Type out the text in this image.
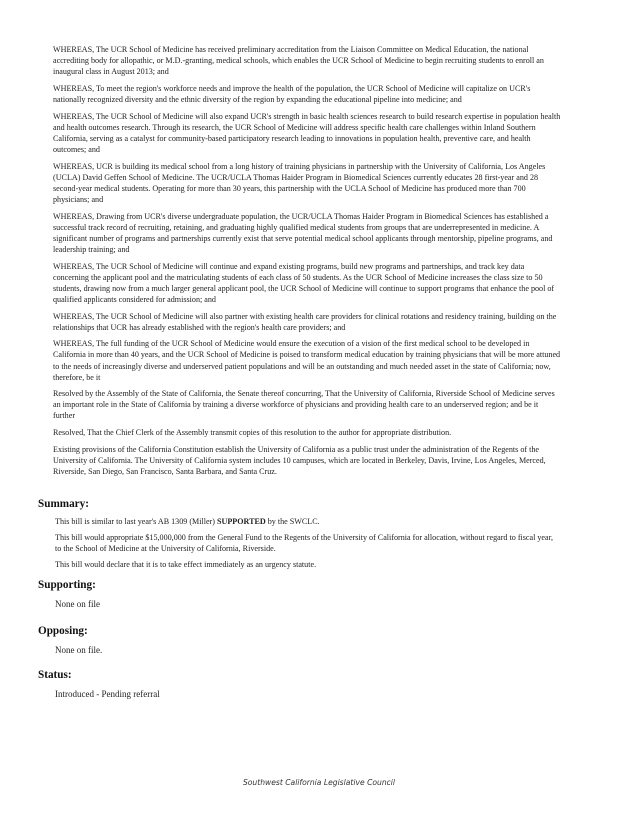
WHEREAS, The UCR School of Medicine has received preliminary accreditation from the Liaison Committee on Medical Education, the national accrediting body for allopathic, or M.D.-granting, medical schools, which enables the UCR School of Medicine to begin recruiting students to enroll an inaugural class in August 2013; and

WHEREAS, To meet the region's workforce needs and improve the health of the population, the UCR School of Medicine will capitalize on UCR's nationally recognized diversity and the ethnic diversity of the region by expanding the educational pipeline into medicine; and

WHEREAS, The UCR School of Medicine will also expand UCR's strength in basic health sciences research to build research expertise in population health and health outcomes research. Through its research, the UCR School of Medicine will address specific health care challenges within Inland Southern California, serving as a catalyst for community-based participatory research leading to innovations in population health, preventive care, and health outcomes; and

WHEREAS, UCR is building its medical school from a long history of training physicians in partnership with the University of California, Los Angeles (UCLA) David Geffen School of Medicine. The UCR/UCLA Thomas Haider Program in Biomedical Sciences currently educates 28 first-year and 28 second-year medical students. Operating for more than 30 years, this partnership with the UCLA School of Medicine has produced more than 700 physicians; and

WHEREAS, Drawing from UCR's diverse undergraduate population, the UCR/UCLA Thomas Haider Program in Biomedical Sciences has established a successful track record of recruiting, retaining, and graduating highly qualified medical students from groups that are underrepresented in medicine. A significant number of programs and partnerships currently exist that serve potential medical school applicants through mentorship, pipeline programs, and leadership training; and

WHEREAS, The UCR School of Medicine will continue and expand existing programs, build new programs and partnerships, and track key data concerning the applicant pool and the matriculating students of each class of 50 students. As the UCR School of Medicine increases the class size to 50 students, drawing now from a much larger general applicant pool, the UCR School of Medicine will continue to support programs that enhance the pool of qualified applicants considered for admission; and

WHEREAS, The UCR School of Medicine will also partner with existing health care providers for clinical rotations and residency training, building on the relationships that UCR has already established with the region's health care providers; and

WHEREAS, The full funding of the UCR School of Medicine would ensure the execution of a vision of the first medical school to be developed in California in more than 40 years, and the UCR School of Medicine is poised to transform medical education by training physicians that will be more attuned to the needs of increasingly diverse and underserved patient populations and will be an outstanding and much needed asset in the state of California; now, therefore, be it

Resolved by the Assembly of the State of California, the Senate thereof concurring, That the University of California, Riverside School of Medicine serves an important role in the State of California by training a diverse workforce of physicians and providing health care to an underserved region; and be it further

Resolved, That the Chief Clerk of the Assembly transmit copies of this resolution to the author for appropriate distribution.

Existing provisions of the California Constitution establish the University of California as a public trust under the administration of the Regents of the University of California. The University of California system includes 10 campuses, which are located in Berkeley, Davis, Irvine, Los Angeles, Merced, Riverside, San Diego, San Francisco, Santa Barbara, and Santa Cruz.

Summary:

This bill is similar to last year's AB 1309 (Miller) SUPPORTED by the SWCLC.

This bill would appropriate $15,000,000 from the General Fund to the Regents of the University of California for allocation, without regard to fiscal year, to the School of Medicine at the University of California, Riverside.

This bill would declare that it is to take effect immediately as an urgency statute.

Supporting:

None on file

Opposing:

None on file.

Status:

Introduced - Pending referral

Southwest California Legislative Council
